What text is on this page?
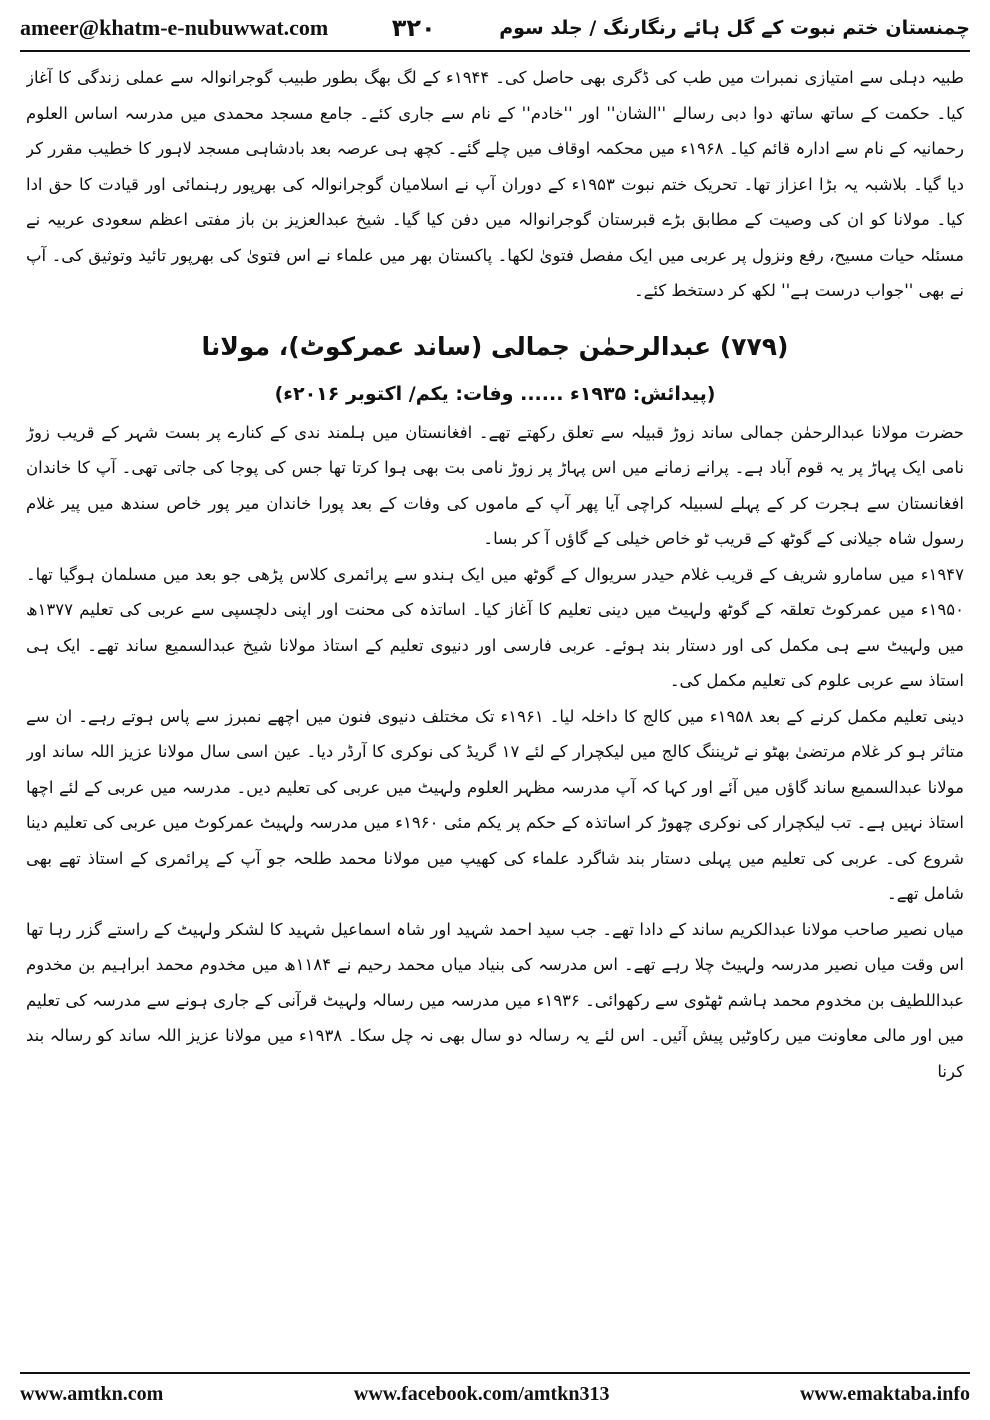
ameer@khatm-e-nubuwwat.com	۳۲۰	چمنستان ختم نبوت کے گل ہائے رنگارنگ / جلد سوم

طبیہ دہلی سے امتیازی نمبرات میں طب کی ڈگری بھی حاصل کی۔ ۱۹۴۴ء کے لگ بھگ بطور طبیب گوجرانوالہ سے عملی زندگی کا آغاز کیا۔ حکمت کے ساتھ ساتھ دوا دبی رسالے ''الشان'' اور ''خادم'' کے نام سے جاری کئے۔ جامع مسجد محمدی میں مدرسہ اساس العلوم رحمانیہ کے نام سے ادارہ قائم کیا۔ ۱۹۶۸ء میں محکمہ اوقاف میں چلے گئے۔ کچھ ہی عرصہ بعد بادشاہی مسجد لاہور کا خطیب مقرر کر دیا گیا۔ بلاشبہ یہ بڑا اعزاز تھا۔ تحریک ختم نبوت ۱۹۵۳ء کے دوران آپ نے اسلامیان گوجرانوالہ کی بھرپور رہنمائی اور قیادت کا حق ادا کیا۔ مولانا کو ان کی وصیت کے مطابق بڑے قبرستان گوجرانوالہ میں دفن کیا گیا۔ شیخ عبدالعزیز بن باز مفتی اعظم سعودی عربیہ نے مسئلہ حیات مسیح، رفع ونزول پر عربی میں ایک مفصل فتویٰ لکھا۔ پاکستان بھر میں علماء نے اس فتویٰ کی بھرپور تائید وتوثیق کی۔ آپ نے بھی ''جواب درست ہے'' لکھ کر دستخط کئے۔

(۷۷۹) عبدالرحمٰن جمالی (ساند عمرکوٹ)، مولانا
(پیدائش: ۱۹۳۵ء ...... وفات: یکم/ اکتوبر ۲۰۱۶ء)

حضرت مولانا عبدالرحمٰن جمالی ساند زوڑ قبیلہ سے تعلق رکھتے تھے۔ افغانستان میں ہلمند ندی کے کنارے پر بست شہر کے قریب زوڑ نامی ایک پہاڑ پر یہ قوم آباد ہے۔ پرانے زمانے میں اس پہاڑ پر زوڑ نامی بت بھی ہوا کرتا تھا جس کی پوجا کی جاتی تھی۔ آپ کا خاندان افغانستان سے ہجرت کر کے پہلے لسبیلہ کراچی آیا پھر آپ کے ماموں کی وفات کے بعد پورا خاندان میر پور خاص سندھ میں پیر غلام رسول شاہ جیلانی کے گوٹھ کے قریب ٹو خاص خیلی کے گاؤں آ کر بسا۔

۱۹۴۷ء میں سامارو شریف کے قریب غلام حیدر سریوال کے گوٹھ میں ایک ہندو سے پرائمری کلاس پڑھی جو بعد میں مسلمان ہوگیا تھا۔ ۱۹۵۰ء میں عمرکوٹ تعلقہ کے گوٹھ ولہیٹ میں دینی تعلیم کا آغاز کیا۔ اساتذہ کی محنت اور اپنی دلچسپی سے عربی کی تعلیم ۱۳۷۷ھ میں ولہیٹ سے ہی مکمل کی اور دستار بند ہوئے۔ عربی فارسی اور دنیوی تعلیم کے استاذ مولانا شیخ عبدالسمیع ساند تھے۔ ایک ہی استاذ سے عربی علوم کی تعلیم مکمل کی۔

دینی تعلیم مکمل کرنے کے بعد ۱۹۵۸ء میں کالج کا داخلہ لیا۔ ۱۹۶۱ء تک مختلف دنیوی فنون میں اچھے نمبرز سے پاس ہوتے رہے۔ ان سے متاثر ہو کر غلام مرتضیٰ بھٹو نے ٹریننگ کالج میں لیکچرار کے لئے ۱۷ گریڈ کی نوکری کا آرڈر دیا۔ عین اسی سال مولانا عزیز اللہ ساند اور مولانا عبدالسمیع ساند گاؤں میں آئے اور کہا کہ آپ مدرسہ مظہر العلوم ولہیٹ میں عربی کی تعلیم دیں۔ مدرسہ میں عربی کے لئے اچھا استاذ نہیں ہے۔ تب لیکچرار کی نوکری چھوڑ کر اساتذہ کے حکم پر یکم مئی ۱۹۶۰ء میں مدرسہ ولہیٹ عمرکوٹ میں عربی کی تعلیم دینا شروع کی۔ عربی کی تعلیم میں پہلی دستار بند شاگرد علماء کی کھیپ میں مولانا محمد طلحہ جو آپ کے پرائمری کے استاذ تھے بھی شامل تھے۔

میاں نصیر صاحب مولانا عبدالکریم ساند کے دادا تھے۔ جب سید احمد شہید اور شاہ اسماعیل شہید کا لشکر ولہیٹ کے راستے گزر رہا تھا اس وقت میاں نصیر مدرسہ ولہیٹ چلا رہے تھے۔ اس مدرسہ کی بنیاد میاں محمد رحیم نے ۱۱۸۴ھ میں مخدوم محمد ابراہیم بن مخدوم عبداللطیف بن مخدوم محمد ہاشم ٹھٹوی سے رکھوائی۔ ۱۹۳۶ء میں مدرسہ میں رسالہ ولہیٹ قرآنی کے جاری ہونے سے مدرسہ کی تعلیم میں اور مالی معاونت میں رکاوٹیں پیش آئیں۔ اس لئے یہ رسالہ دو سال بھی نہ چل سکا۔ ۱۹۳۸ء میں مولانا عزیز اللہ ساند کو رسالہ بند کرنا

www.amtkn.com	www.facebook.com/amtkn313	www.emaktaba.info
